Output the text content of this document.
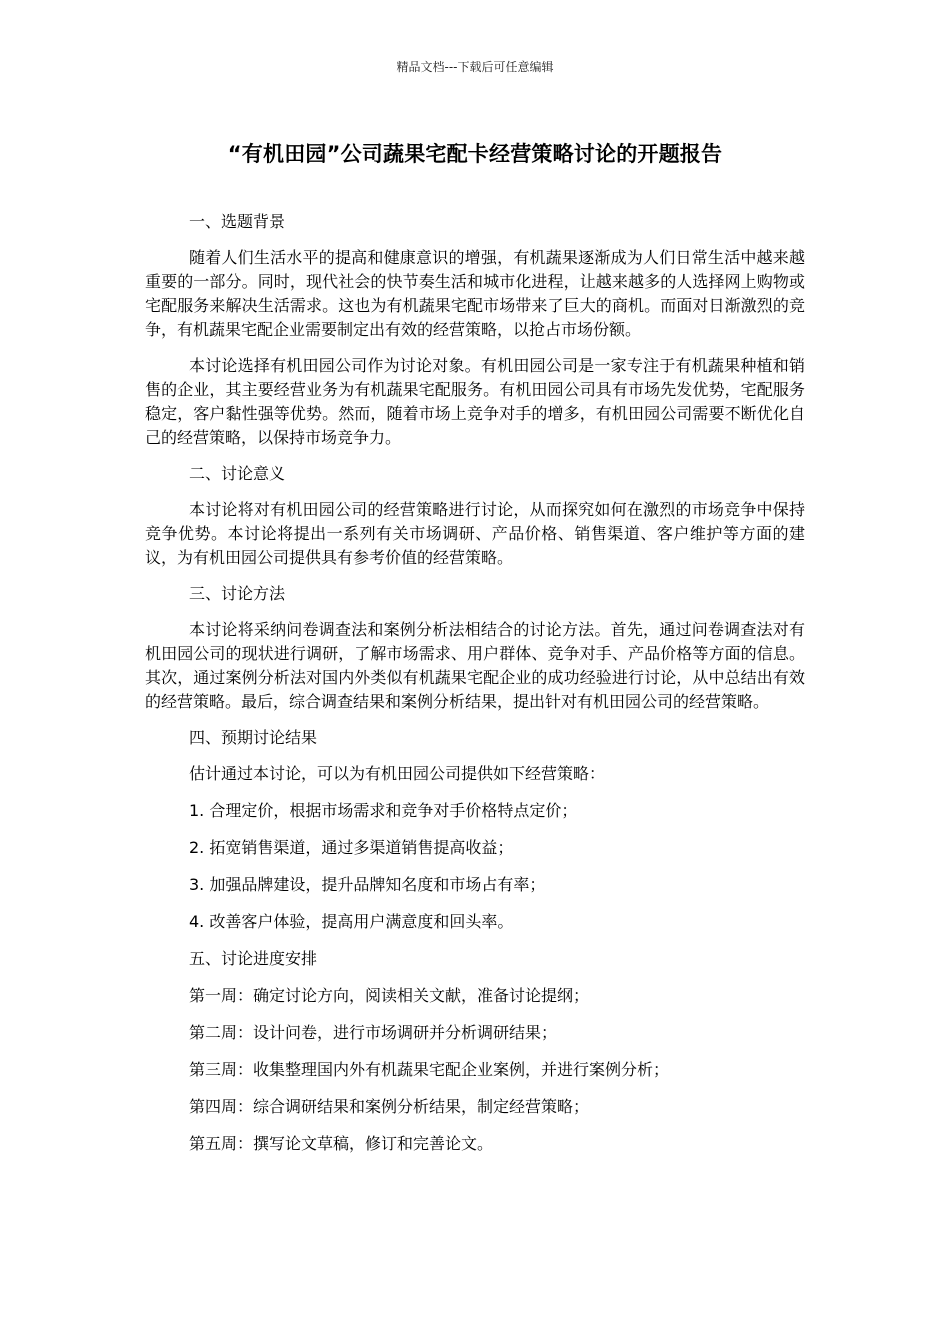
精品文档---下载后可任意编辑
“有机田园”公司蔬果宅配卡经营策略讨论的开题报告

一、选题背景

随着人们生活水平的提高和健康意识的增强，有机蔬果逐渐成为人们日常生活中越来越重要的一部分。同时，现代社会的快节奏生活和城市化进程，让越来越多的人选择网上购物或宅配服务来解决生活需求。这也为有机蔬果宅配市场带来了巨大的商机。而面对日渐激烈的竞争，有机蔬果宅配企业需要制定出有效的经营策略，以抢占市场份额。

本讨论选择有机田园公司作为讨论对象。有机田园公司是一家专注于有机蔬果种植和销售的企业，其主要经营业务为有机蔬果宅配服务。有机田园公司具有市场先发优势，宅配服务稳定，客户黏性强等优势。然而，随着市场上竞争对手的增多，有机田园公司需要不断优化自己的经营策略，以保持市场竞争力。

二、讨论意义

本讨论将对有机田园公司的经营策略进行讨论，从而探究如何在激烈的市场竞争中保持竞争优势。本讨论将提出一系列有关市场调研、产品价格、销售渠道、客户维护等方面的建议，为有机田园公司提供具有参考价值的经营策略。

三、讨论方法

本讨论将采纳问卷调查法和案例分析法相结合的讨论方法。首先，通过问卷调查法对有机田园公司的现状进行调研，了解市场需求、用户群体、竞争对手、产品价格等方面的信息。其次，通过案例分析法对国内外类似有机蔬果宅配企业的成功经验进行讨论，从中总结出有效的经营策略。最后，综合调查结果和案例分析结果，提出针对有机田园公司的经营策略。

四、预期讨论结果

估计通过本讨论，可以为有机田园公司提供如下经营策略：

1. 合理定价，根据市场需求和竞争对手价格特点定价；

2. 拓宽销售渠道，通过多渠道销售提高收益；

3. 加强品牌建设，提升品牌知名度和市场占有率；

4. 改善客户体验，提高用户满意度和回头率。

五、讨论进度安排

第一周：确定讨论方向，阅读相关文献，准备讨论提纲；

第二周：设计问卷，进行市场调研并分析调研结果；

第三周：收集整理国内外有机蔬果宅配企业案例，并进行案例分析；

第四周：综合调研结果和案例分析结果，制定经营策略；

第五周：撰写论文草稿，修订和完善论文。
